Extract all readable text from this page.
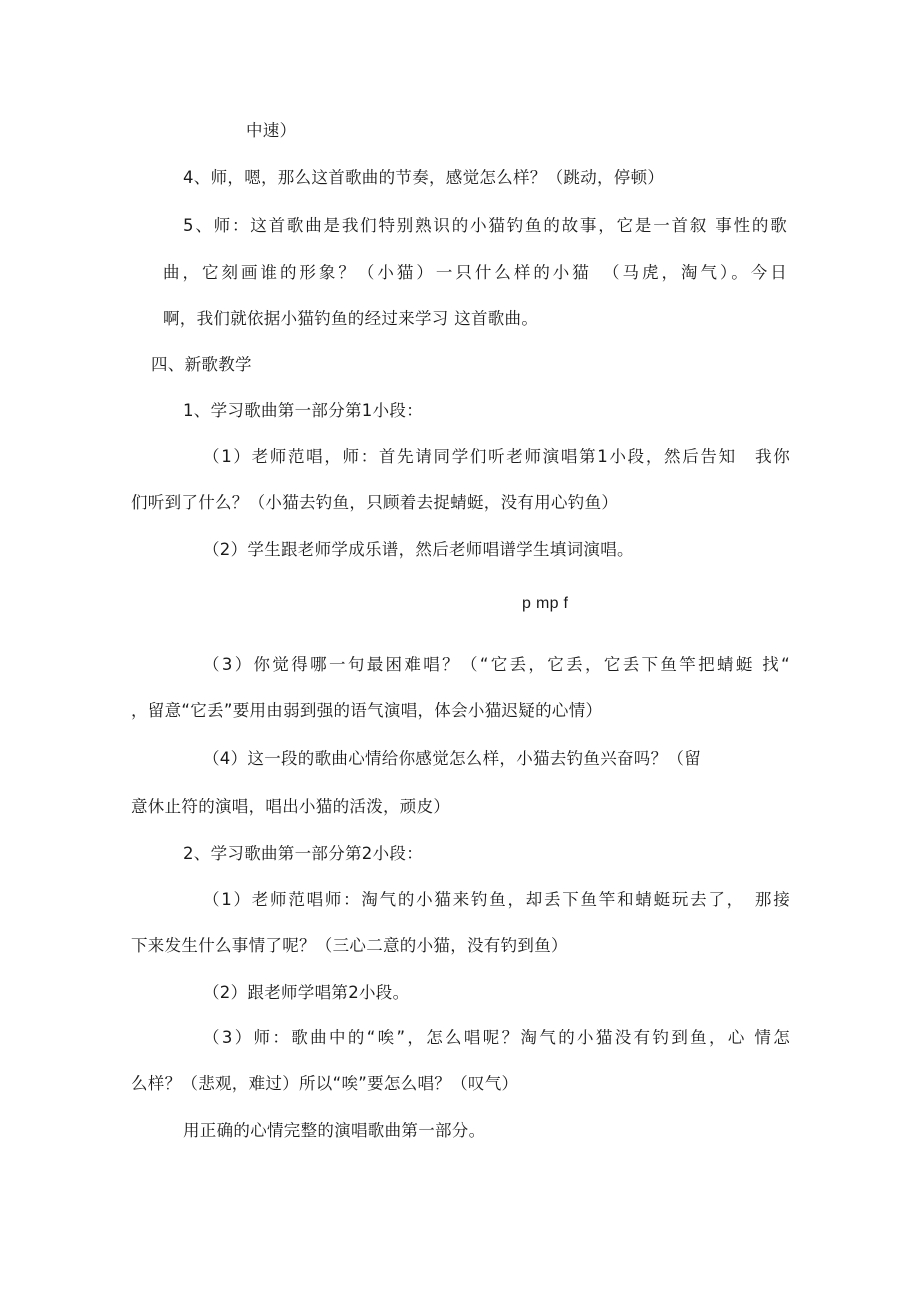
中速）
4、师，嗯，那么这首歌曲的节奏，感觉怎么样？（跳动，停顿）
5、师：这首歌曲是我们特别熟识的小猫钓鱼的故事，它是一首叙 事性的歌
曲，它刻画谁的形象？（小猫）一只什么样的小猫　（马虎，淘气）。今日
啊，我们就依据小猫钓鱼的经过来学习 这首歌曲。
四、新歌教学
1、学习歌曲第一部分第1小段：
（1）老师范唱，师：首先请同学们听老师演唱第1小段，然后告知　我你
们听到了什么？（小猫去钓鱼，只顾着去捉蜻蜓，没有用心钓鱼）
（2）学生跟老师学成乐谱，然后老师唱谱学生填词演唱。
p mp f
（3）你觉得哪一句最困难唱？（“它丢，它丢，它丢下鱼竿把蜻蜓 找“
，留意“它丢”要用由弱到强的语气演唱，体会小猫迟疑的心情）
（4）这一段的歌曲心情给你感觉怎么样，小猫去钓鱼兴奋吗？（留
意休止符的演唱，唱出小猫的活泼，顽皮）
2、学习歌曲第一部分第2小段：
（1）老师范唱师：淘气的小猫来钓鱼，却丢下鱼竿和蜻蜓玩去了，　那接
下来发生什么事情了呢？（三心二意的小猫，没有钓到鱼）
（2）跟老师学唱第2小段。
（3）师：歌曲中的“唉”，怎么唱呢？淘气的小猫没有钓到鱼，心 情怎
么样？（悲观，难过）所以“唉”要怎么唱？（叹气）
用正确的心情完整的演唱歌曲第一部分。
